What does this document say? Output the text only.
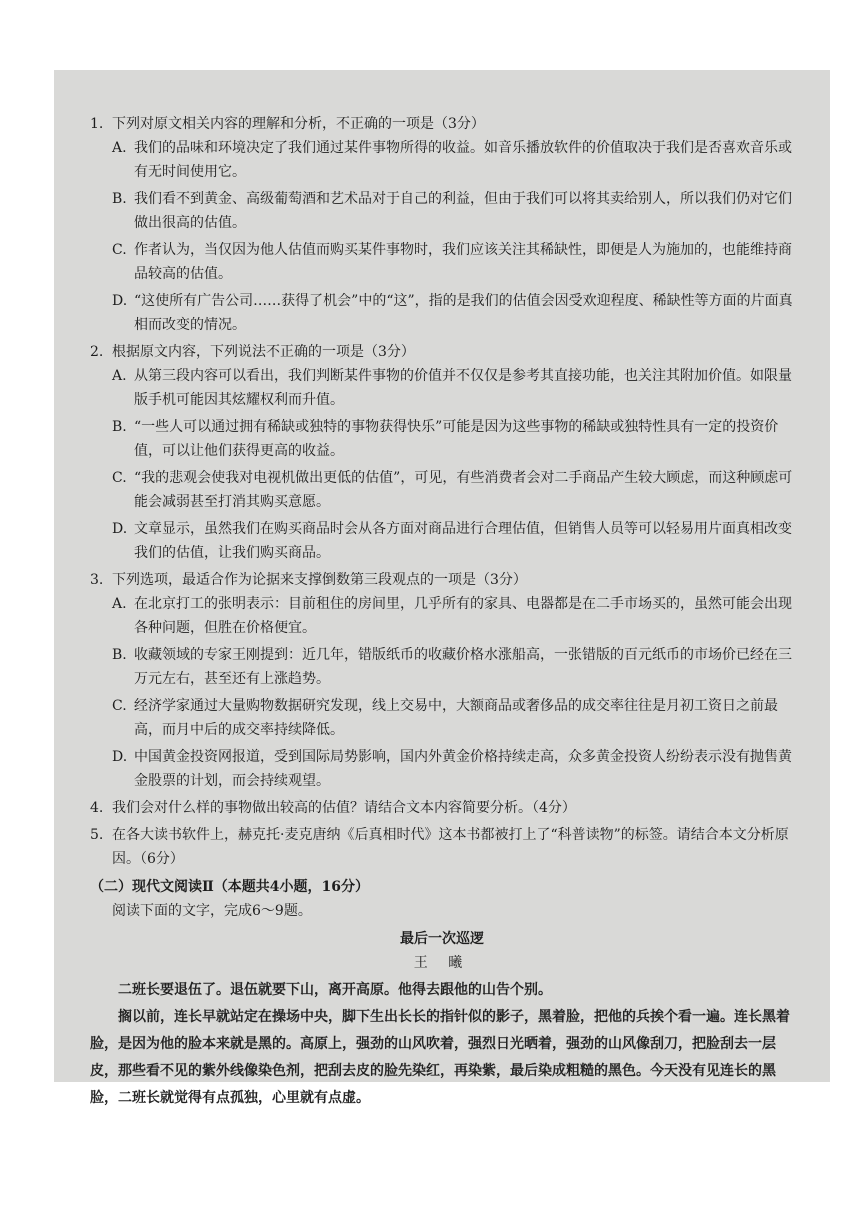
1. 下列对原文相关内容的理解和分析，不正确的一项是（3分）
A. 我们的品味和环境决定了我们通过某件事物所得的收益。如音乐播放软件的价值取决于我们是否喜欢音乐或有无时间使用它。
B. 我们看不到黄金、高级葡萄酒和艺术品对于自己的利益，但由于我们可以将其卖给别人，所以我们仍对它们做出很高的估值。
C. 作者认为，当仅因为他人估值而购买某件事物时，我们应该关注其稀缺性，即便是人为施加的，也能维持商品较高的估值。
D. “这使所有广告公司……获得了机会”中的“这”，指的是我们的估值会因受欢迎程度、稀缺性等方面的片面真相而改变的情况。
2. 根据原文内容，下列说法不正确的一项是（3分）
A. 从第三段内容可以看出，我们判断某件事物的价值并不仅仅是参考其直接功能，也关注其附加价值。如限量版手机可能因其炫耀权利而升值。
B. “一些人可以通过拥有稀缺或独特的事物获得快乐”可能是因为这些事物的稀缺或独特性具有一定的投资价值，可以让他们获得更高的收益。
C. “我的悲观会使我对电视机做出更低的估值”，可见，有些消费者会对二手商品产生较大顾虑，而这种顾虑可能会减弱甚至打消其购买意愿。
D. 文章显示，虽然我们在购买商品时会从各方面对商品进行合理估值，但销售人员等可以轻易用片面真相改变我们的估值，让我们购买商品。
3. 下列选项，最适合作为论据来支撑倒数第三段观点的一项是（3分）
A. 在北京打工的张明表示：目前租住的房间里，几乎所有的家具、电器都是在二手市场买的，虽然可能会出现各种问题，但胜在价格便宜。
B. 收藏领域的专家王刚提到：近几年，错版纸币的收藏价格水涨船高，一张错版的百元纸币的市场价已经在三万元左右，甚至还有上涨趋势。
C. 经济学家通过大量购物数据研究发现，线上交易中，大额商品或奢侈品的成交率往往是月初工资日之前最高，而月中后的成交率持续降低。
D. 中国黄金投资网报道，受到国际局势影响，国内外黄金价格持续走高，众多黄金投资人纷纷表示没有抛售黄金股票的计划，而会持续观望。
4. 我们会对什么样的事物做出较高的估值？请结合文本内容简要分析。（4分）
5. 在各大读书软件上，赫克托·麦克唐纳《后真相时代》这本书都被打上了“科普读物”的标签。请结合本文分析原因。（6分）
（二）现代文阅读Ⅱ（本题共4小题，16分）
阅读下面的文字，完成6～9题。
最后一次巡逻
王 曦
二班长要退伍了。退伍就要下山，离开高原。他得去跟他的山告个别。
搁以前，连长早就站定在操场中央，脚下生出长长的指针似的影子，黑着脸，把他的兵挨个看一遍。连长黑着脸，是因为他的脸本来就是黑的。高原上，强劲的山风吹着，强烈日光晒着，强劲的山风像刮刀，把脸刮去一层皮，那些看不见的紫外线像染色剂，把刮去皮的脸先染红，再染紫，最后染成粗糙的黑色。今天没有见连长的黑脸，二班长就觉得有点孤独，心里就有点虚。
